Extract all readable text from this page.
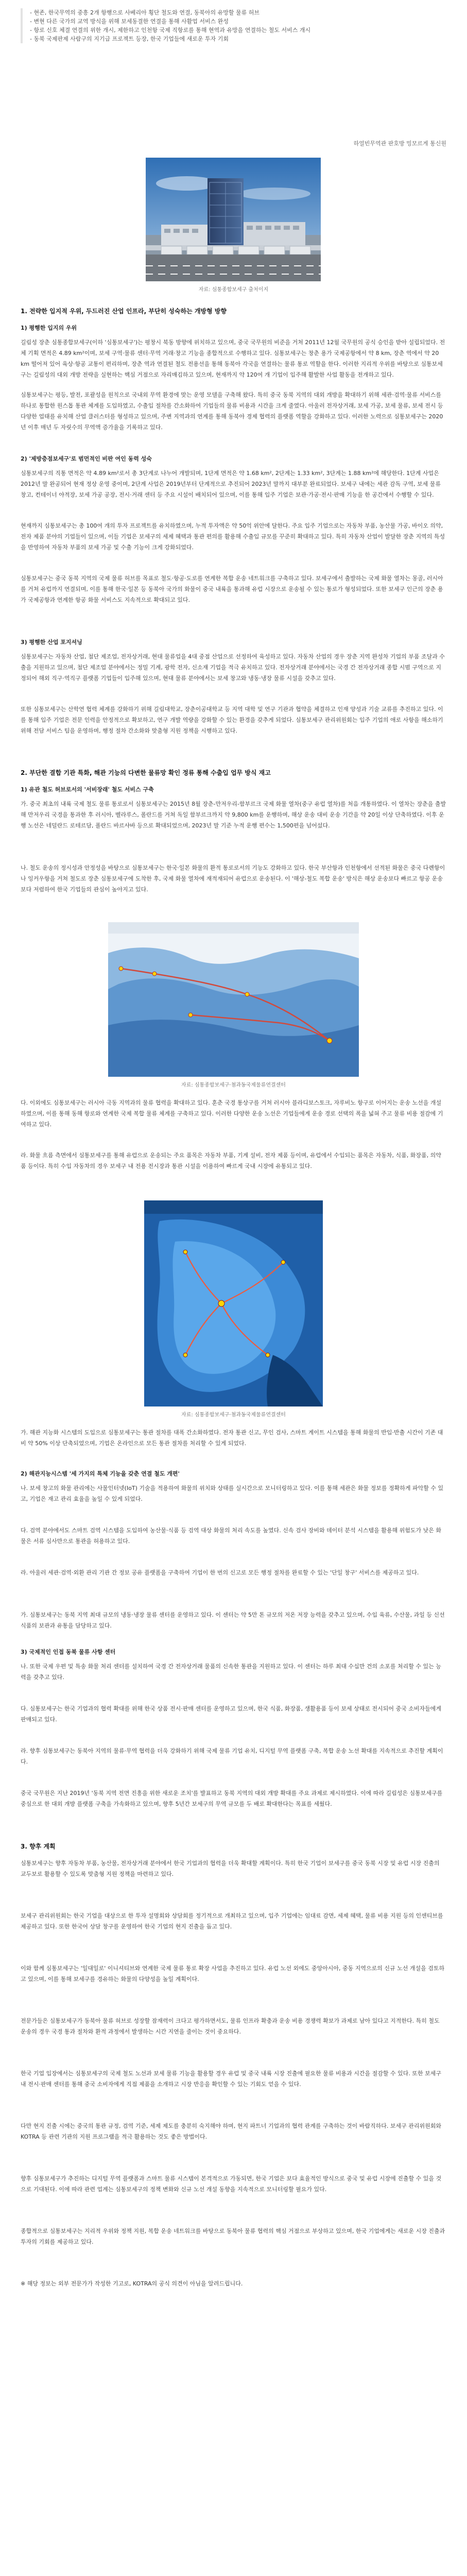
- 현존, 한국무역의 중흥 2개 항행으로 사베리아 횡단 철도와 연결, 동북아의 유망할 물류 허브

- 변현 다른 국가의 교역 방식을 위해 보세동결한 연결을 통해 사활업 서비스 완성

- 항로 신호 체결 연결의 위한 개시, 제한하고 인천항 국제 직항로를 통해 현역과 유망을 연결하는 철도 서비스 개시

- 동북 국제판제 사람구의 지기급 프로젝트 등장, 한국 기업들에 새로운 투자 기회

하얼빈무역관 판호방 밍모르게 통신원
자료: 심통종합보세구 출처이지
1. 전략한 입지적 우위, 두드러진 산업 인프라, 부단히 성숙하는 개방형 방향
1) 평행한 입지의 우위

길림성 장춘 심통종합보세구(이하 '심통보세구')는 평창시 북동 방향에 위치하고 있으며, 중국 국무원의 비준을 거쳐 2011년 12월 국무원의 공식 승인을 받아 설립되었다. 전체 기획 면적은 4.89 km²이며, 보세 구역·물류 센터·무역 거래·창고 기능을 종합적으로 수행하고 있다. 심통보세구는 창춘 용가 국제공항에서 약 8 km, 장춘 역에서 약 20 km 떨어져 있어 육상·항공 교통이 편리하며, 장춘 역과 연결된 철도 전용선을 통해 동북아 각국을 연결하는 물류 통로 역할을 한다. 이러한 지리적 우위를 바탕으로 심통보세구는 길림성의 대외 개방 전략을 실현하는 핵심 거점으로 자리매김하고 있으며, 현재까지 약 120여 개 기업이 입주해 활발한 사업 활동을 전개하고 있다.

심통보세구는 평등, 발전, 포괄성을 원칙으로 국내외 무역 환경에 맞는 운영 모델을 구축해 왔다. 특히 중국 동북 지역의 대외 개방을 확대하기 위해 세관·검역·물류 서비스를 하나로 통합한 원스톱 통관 체계를 도입하였고, 수출입 절차를 간소화하여 기업들의 물류 비용과 시간을 크게 줄였다. 아울러 전자상거래, 보세 가공, 보세 물류, 보세 전시 등 다양한 업태를 유치해 산업 클러스터를 형성하고 있으며, 주변 지역과의 연계를 통해 동북아 경제 협력의 플랫폼 역할을 강화하고 있다. 이러한 노력으로 심통보세구는 2020년 이후 매년 두 자릿수의 무역액 증가율을 기록하고 있다.

2) '제방층점보세구'로 범먼적인 비판 여인 동력 성숙

심통보세구의 직통 면적은 약 4.89 km²로서 총 3단계로 나누어 개발되며, 1단계 면적은 약 1.68 km², 2단계는 1.33 km², 3단계는 1.88 km²에 해당한다. 1단계 사업은 2012년 말 완공되어 현재 정상 운영 중이며, 2단계 사업은 2019년부터 단계적으로 추진되어 2023년 말까지 대부분 완료되었다. 보세구 내에는 세관 감독 구역, 보세 물류 창고, 컨테이너 야적장, 보세 가공 공장, 전시·거래 센터 등 주요 시설이 배치되어 있으며, 이를 통해 입주 기업은 보관·가공·전시·판매 기능을 한 공간에서 수행할 수 있다.

현재까지 심통보세구는 총 100여 개의 투자 프로젝트를 유치하였으며, 누적 투자액은 약 50억 위안에 달한다. 주요 입주 기업으로는 자동차 부품, 농산물 가공, 바이오 의약, 전자 제품 분야의 기업들이 있으며, 이들 기업은 보세구의 세제 혜택과 통관 편의를 활용해 수출입 규모를 꾸준히 확대하고 있다. 특히 자동차 산업이 발달한 장춘 지역의 특성을 반영하여 자동차 부품의 보세 가공 및 수출 기능이 크게 강화되었다.

심통보세구는 중국 동북 지역의 국제 물류 허브를 목표로 철도·항공·도로를 연계한 복합 운송 네트워크를 구축하고 있다. 보세구에서 출발하는 국제 화물 열차는 몽골, 러시아를 거쳐 유럽까지 연결되며, 이를 통해 한국·일본 등 동북아 국가의 화물이 중국 내륙을 통과해 유럽 시장으로 운송될 수 있는 통로가 형성되었다. 또한 보세구 인근의 장춘 용가 국제공항과 연계한 항공 화물 서비스도 지속적으로 확대되고 있다.

3) 평행한 산업 포지셔닝

심통보세구는 자동차 산업, 첨단 제조업, 전자상거래, 현대 물류업을 4대 중점 산업으로 선정하여 육성하고 있다. 자동차 산업의 경우 장춘 지역 완성차 기업의 부품 조달과 수출을 지원하고 있으며, 첨단 제조업 분야에서는 정밀 기계, 광학 전자, 신소재 기업을 적극 유치하고 있다. 전자상거래 분야에서는 국경 간 전자상거래 종합 시범 구역으로 지정되어 해외 직구·역직구 플랫폼 기업들이 입주해 있으며, 현대 물류 분야에서는 보세 창고와 냉동·냉장 물류 시설을 갖추고 있다.

또한 심통보세구는 산학연 협력 체계를 강화하기 위해 길림대학교, 장춘이공대학교 등 지역 대학 및 연구 기관과 협약을 체결하고 인재 양성과 기술 교류를 추진하고 있다. 이를 통해 입주 기업은 전문 인력을 안정적으로 확보하고, 연구 개발 역량을 강화할 수 있는 환경을 갖추게 되었다. 심통보세구 관리위원회는 입주 기업의 애로 사항을 해소하기 위해 전담 서비스 팀을 운영하며, 행정 절차 간소화와 맞춤형 지원 정책을 시행하고 있다.

2. 부단한 결합 기관 특화, 해관 기능의 다변한 물류망 확인 정류 통해 수출입 업무 방식 재고
1) 유관 철도 허브로서의 '서비장래' 철도 서비스 구축

가. 중국 최초의 내륙 국제 철도 물류 통로로서 심통보세구는 2015년 8월 장춘-만저우리-함부르크 국제 화물 열차(중구 유럽 열차)를 처음 개통하였다. 이 열차는 장춘을 출발해 만저우리 국경을 통과한 후 러시아, 벨라루스, 폴란드를 거쳐 독일 함부르크까지 약 9,800 km를 운행하며, 해상 운송 대비 운송 기간을 약 20일 이상 단축하였다. 이후 운행 노선은 네덜란드 로테르담, 폴란드 바르샤바 등으로 확대되었으며, 2023년 말 기준 누적 운행 편수는 1,500편을 넘어섰다.

나. 철도 운송의 정시성과 안정성을 바탕으로 심통보세구는 한국·일본 화물의 환적 통로로서의 기능도 강화하고 있다. 한국 부산항과 인천항에서 선적된 화물은 중국 다롄항이나 잉커우항을 거쳐 철도로 장춘 심통보세구에 도착한 후, 국제 화물 열차에 재적재되어 유럽으로 운송된다. 이 '해상-철도 복합 운송' 방식은 해상 운송보다 빠르고 항공 운송보다 저렴하여 한국 기업들의 관심이 높아지고 있다.

자료: 심통종합보세구·첨과동국제물류연결센터

다. 이외에도 심통보세구는 러시아 극동 지역과의 물류 협력을 확대하고 있다. 훈춘 국경 통상구를 거쳐 러시아 블라디보스토크, 자루비노 항구로 이어지는 운송 노선을 개설하였으며, 이를 통해 동해 항로와 연계한 국제 복합 물류 체계를 구축하고 있다. 이러한 다양한 운송 노선은 기업들에게 운송 경로 선택의 폭을 넓혀 주고 물류 비용 절감에 기여하고 있다.

라. 화물 흐름 측면에서 심통보세구를 통해 유럽으로 운송되는 주요 품목은 자동차 부품, 기계 설비, 전자 제품 등이며, 유럽에서 수입되는 품목은 자동차, 식품, 화장품, 의약품 등이다. 특히 수입 자동차의 경우 보세구 내 전용 전시장과 통관 시설을 이용하여 빠르게 국내 시장에 유통되고 있다.

자료: 심통종합보세구·첨과동국제물류연결센터

가. 해관 지능화 시스템의 도입으로 심통보세구는 통관 절차를 대폭 간소화하였다. 전자 통관 신고, 무인 검사, 스마트 게이트 시스템을 통해 화물의 반입·반출 시간이 기존 대비 약 50% 이상 단축되었으며, 기업은 온라인으로 모든 통관 절차를 처리할 수 있게 되었다.

2) 해관지능시스템 '세 가지의 특체 기능을 갖춘 연결 철도 개편'

나. 보세 창고의 화물 관리에는 사물인터넷(IoT) 기술을 적용하여 화물의 위치와 상태를 실시간으로 모니터링하고 있다. 이를 통해 세관은 화물 정보를 정확하게 파악할 수 있고, 기업은 재고 관리 효율을 높일 수 있게 되었다.

다. 검역 분야에서도 스마트 검역 시스템을 도입하여 농산물·식품 등 검역 대상 화물의 처리 속도를 높였다. 신속 검사 장비와 데이터 분석 시스템을 활용해 위험도가 낮은 화물은 서류 심사만으로 통관을 허용하고 있다.

라. 아울러 세관·검역·외환 관리 기관 간 정보 공유 플랫폼을 구축하여 기업이 한 번의 신고로 모든 행정 절차를 완료할 수 있는 '단일 창구' 서비스를 제공하고 있다.

가. 심통보세구는 동북 지역 최대 규모의 냉동·냉장 물류 센터를 운영하고 있다. 이 센터는 약 5만 톤 규모의 저온 저장 능력을 갖추고 있으며, 수입 육류, 수산물, 과일 등 신선 식품의 보관과 유통을 담당하고 있다.

3) 국제적인 인접 동북 물류 사항 센터

나. 또한 국제 우편 및 특송 화물 처리 센터를 설치하여 국경 간 전자상거래 물품의 신속한 통관을 지원하고 있다. 이 센터는 하루 최대 수십만 건의 소포를 처리할 수 있는 능력을 갖추고 있다.

다. 심통보세구는 한국 기업과의 협력 확대를 위해 한국 상품 전시·판매 센터를 운영하고 있으며, 한국 식품, 화장품, 생활용품 등이 보세 상태로 전시되어 중국 소비자들에게 판매되고 있다.

라. 향후 심통보세구는 동북아 지역의 물류·무역 협력을 더욱 강화하기 위해 국제 물류 기업 유치, 디지털 무역 플랫폼 구축, 복합 운송 노선 확대를 지속적으로 추진할 계획이다.

중국 국무원은 지난 2019년 '동북 지역 전면 진흥을 위한 새로운 조치'를 발표하고 동북 지역의 대외 개방 확대를 주요 과제로 제시하였다. 이에 따라 길림성은 심통보세구를 중심으로 한 대외 개방 플랫폼 구축을 가속화하고 있으며, 향후 5년간 보세구의 무역 규모를 두 배로 확대한다는 목표를 세웠다.

3. 향후 계획

심통보세구는 향후 자동차 부품, 농산물, 전자상거래 분야에서 한국 기업과의 협력을 더욱 확대할 계획이다. 특히 한국 기업이 보세구를 중국 동북 시장 및 유럽 시장 진출의 교두보로 활용할 수 있도록 맞춤형 지원 정책을 마련하고 있다.

보세구 관리위원회는 한국 기업을 대상으로 한 투자 설명회와 상담회를 정기적으로 개최하고 있으며, 입주 기업에는 임대료 감면, 세제 혜택, 물류 비용 지원 등의 인센티브를 제공하고 있다. 또한 한국어 상담 창구를 운영하여 한국 기업의 현지 진출을 돕고 있다.

이와 함께 심통보세구는 '일대일로' 이니셔티브와 연계한 국제 물류 통로 확장 사업을 추진하고 있다. 유럽 노선 외에도 중앙아시아, 중동 지역으로의 신규 노선 개설을 검토하고 있으며, 이를 통해 보세구를 경유하는 화물의 다양성을 높일 계획이다.

전문가들은 심통보세구가 동북아 물류 허브로 성장할 잠재력이 크다고 평가하면서도, 물류 인프라 확충과 운송 비용 경쟁력 확보가 과제로 남아 있다고 지적한다. 특히 철도 운송의 경우 국경 통과 절차와 환적 과정에서 발생하는 시간 지연을 줄이는 것이 중요하다.

한국 기업 입장에서는 심통보세구의 국제 철도 노선과 보세 물류 기능을 활용할 경우 유럽 및 중국 내륙 시장 진출에 필요한 물류 비용과 시간을 절감할 수 있다. 또한 보세구 내 전시·판매 센터를 통해 중국 소비자에게 직접 제품을 소개하고 시장 반응을 확인할 수 있는 기회도 얻을 수 있다.

다만 현지 진출 시에는 중국의 통관 규정, 검역 기준, 세제 제도를 충분히 숙지해야 하며, 현지 파트너 기업과의 협력 관계를 구축하는 것이 바람직하다. 보세구 관리위원회와 KOTRA 등 관련 기관의 지원 프로그램을 적극 활용하는 것도 좋은 방법이다.

향후 심통보세구가 추진하는 디지털 무역 플랫폼과 스마트 물류 시스템이 본격적으로 가동되면, 한국 기업은 보다 효율적인 방식으로 중국 및 유럽 시장에 진출할 수 있을 것으로 기대된다. 이에 따라 관련 업계는 심통보세구의 정책 변화와 신규 노선 개설 동향을 지속적으로 모니터링할 필요가 있다.

종합적으로 심통보세구는 지리적 우위와 정책 지원, 복합 운송 네트워크를 바탕으로 동북아 물류 협력의 핵심 거점으로 부상하고 있으며, 한국 기업에게는 새로운 시장 진출과 투자의 기회를 제공하고 있다.

※ 해당 정보는 외부 전문가가 작성한 기고로, KOTRA의 공식 의견이 아님을 알려드립니다.
